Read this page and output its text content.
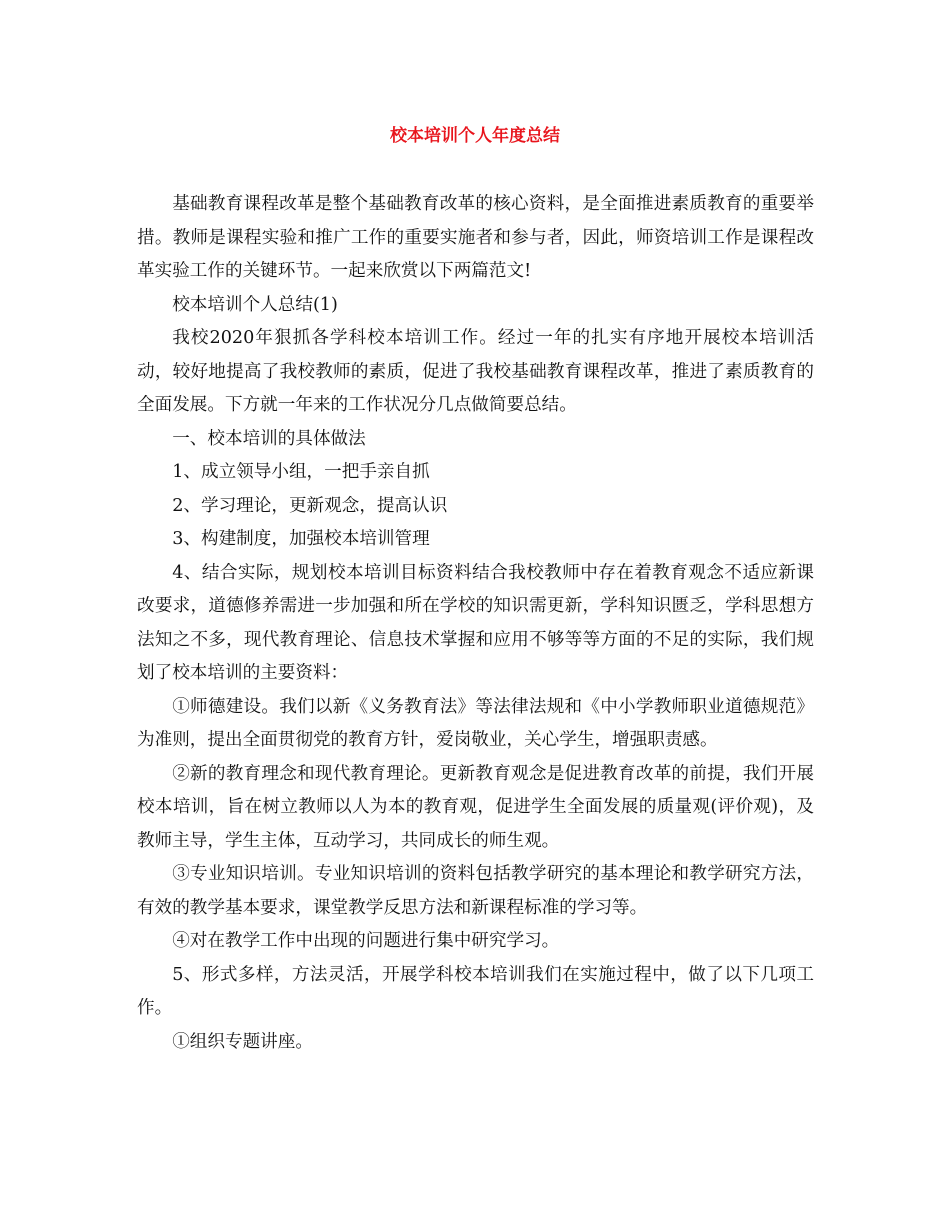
校本培训个人年度总结

基础教育课程改革是整个基础教育改革的核心资料，是全面推进素质教育的重要举措。教师是课程实验和推广工作的重要实施者和参与者，因此，师资培训工作是课程改革实验工作的关键环节。一起来欣赏以下两篇范文!

校本培训个人总结(1)

我校2020年狠抓各学科校本培训工作。经过一年的扎实有序地开展校本培训活动，较好地提高了我校教师的素质，促进了我校基础教育课程改革，推进了素质教育的全面发展。下方就一年来的工作状况分几点做简要总结。

一、校本培训的具体做法

1、成立领导小组，一把手亲自抓

2、学习理论，更新观念，提高认识

3、构建制度，加强校本培训管理

4、结合实际，规划校本培训目标资料结合我校教师中存在着教育观念不适应新课改要求，道德修养需进一步加强和所在学校的知识需更新，学科知识匮乏，学科思想方法知之不多，现代教育理论、信息技术掌握和应用不够等等方面的不足的实际，我们规划了校本培训的主要资料：

①师德建设。我们以新《义务教育法》等法律法规和《中小学教师职业道德规范》为准则，提出全面贯彻党的教育方针，爱岗敬业，关心学生，增强职责感。

②新的教育理念和现代教育理论。更新教育观念是促进教育改革的前提，我们开展校本培训，旨在树立教师以人为本的教育观，促进学生全面发展的质量观(评价观)，及教师主导，学生主体，互动学习，共同成长的师生观。

③专业知识培训。专业知识培训的资料包括教学研究的基本理论和教学研究方法，有效的教学基本要求，课堂教学反思方法和新课程标准的学习等。

④对在教学工作中出现的问题进行集中研究学习。

5、形式多样，方法灵活，开展学科校本培训我们在实施过程中，做了以下几项工作。

①组织专题讲座。
